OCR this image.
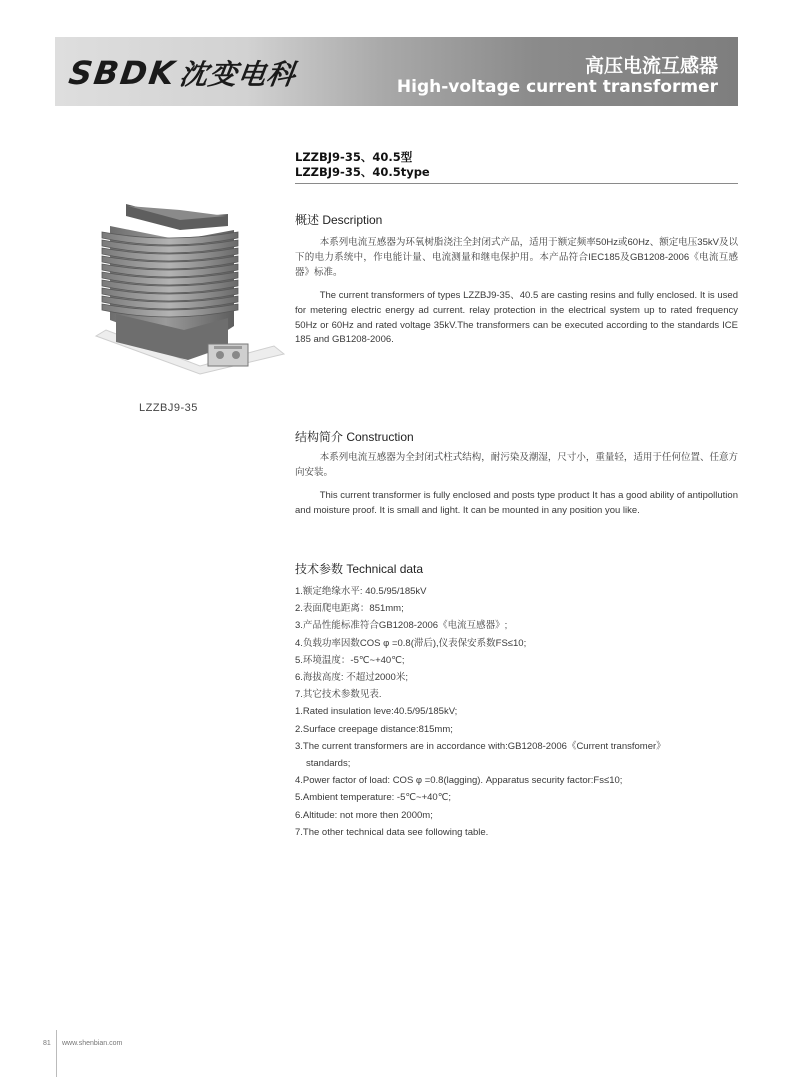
SBDK沈变电科	高压电流互感器
High-voltage current transformer
LZZBJ9-35、40.5型
LZZBJ9-35、40.5type
LZZBJ9-35
概述 Description
本系列电流互感器为环氧树脂浇注全封闭式产品，适用于额定频率50Hz或60Hz、额定电压35kV及以下的电力系统中，作电能计量、电流测量和继电保护用。本产品符合IEC185及GB1208-2006《电流互感器》标准。
The current transformers of types LZZBJ9-35、40.5 are casting resins and fully enclosed. It is used for metering electric energy ad current. relay protection in the electrical system up to rated frequency 50Hz or 60Hz and rated voltage 35kV.The transformers can be executed according to the standards ICE 185 and GB1208-2006.
结构简介 Construction
本系列电流互感器为全封闭式柱式结构，耐污染及潮湿，尺寸小，重量轻，适用于任何位置、任意方向安装。
This current transformer is fully enclosed and posts type product It has a good ability of antipollution and moisture proof. It is small and light. It can be mounted in any position you like.
技术参数 Technical data
1.额定绝缘水平: 40.5/95/185kV
2.表面爬电距离：851mm;
3.产品性能标准符合GB1208-2006《电流互感器》;
4.负载功率因数COS φ =0.8(滞后),仪表保安系数FS≤10;
5.环境温度：-5℃~+40℃;
6.海拔高度: 不超过2000米;
7.其它技术参数见表.
1.Rated insulation leve:40.5/95/185kV;
2.Surface creepage distance:815mm;
3.The current transformers are in accordance with:GB1208-2006《Current transfomer》
standards;
4.Power factor of load: COS φ =0.8(lagging). Apparatus security factor:Fs≤10;
5.Ambient temperature: -5℃~+40℃;
6.Altitude: not more then 2000m;
7.The other technical data see following table.
81 www.shenbian.com
